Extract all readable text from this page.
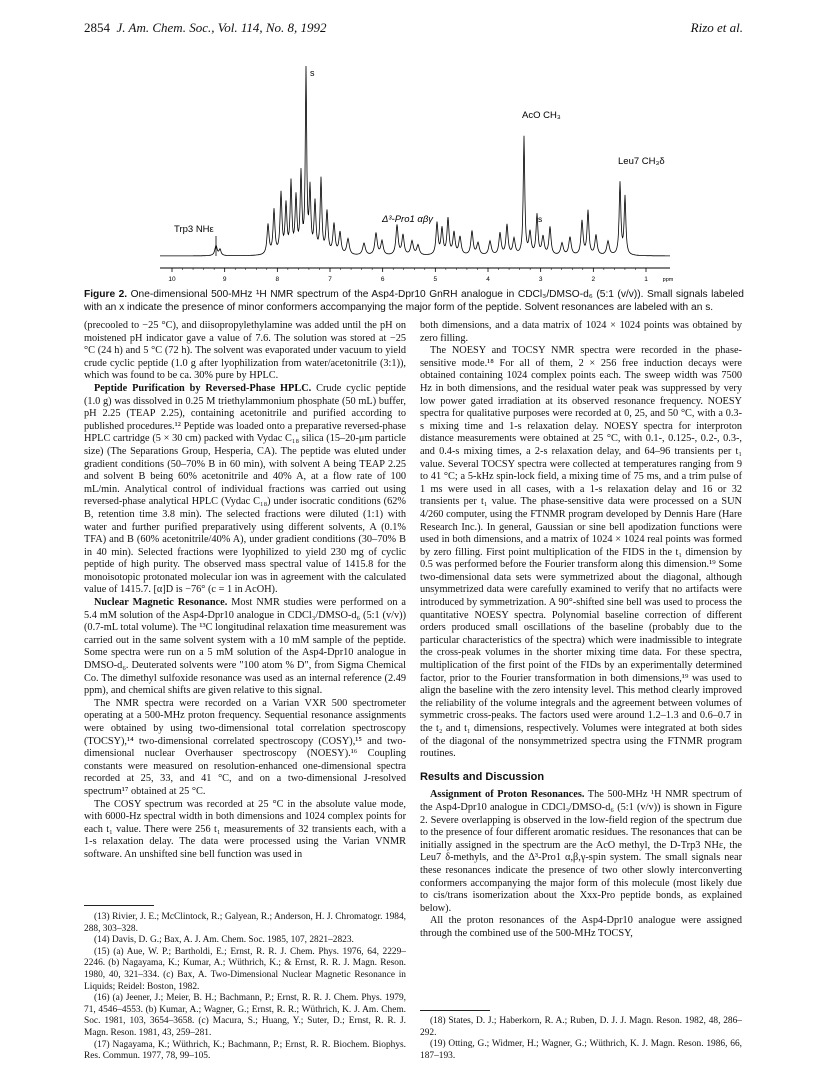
2854 J. Am. Chem. Soc., Vol. 114, No. 8, 1992	Rizo et al.
10	9	8	7	6	5	4	3	2	1	ppm
s
AcO CH₃
Leu7 CH₃δ
Δ³-Pro1 αβγ
Trp3 NHε
s
Figure 2. One-dimensional 500-MHz ¹H NMR spectrum of the Asp4-Dpr10 GnRH analogue in CDCl₃/DMSO-d₆ (5:1 (v/v)). Small signals labeled with an x indicate the presence of minor conformers accompanying the major form of the peptide. Solvent resonances are labeled with an s.

(precooled to −25 °C), and diisopropylethylamine was added until the pH on moistened pH indicator gave a value of 7.6. The solution was stored at −25 °C (24 h) and 5 °C (72 h). The solvent was evaporated under vacuum to yield crude cyclic peptide (1.0 g after lyophilization from water/acetonitrile (3:1)), which was found to be ca. 30% pure by HPLC.

Peptide Purification by Reversed-Phase HPLC. Crude cyclic peptide (1.0 g) was dissolved in 0.25 M triethylammonium phosphate (50 mL) buffer, pH 2.25 (TEAP 2.25), containing acetonitrile and purified according to published procedures.¹² Peptide was loaded onto a preparative reversed-phase HPLC cartridge (5 × 30 cm) packed with Vydac C₁₈ silica (15–20-μm particle size) (The Separations Group, Hesperia, CA). The peptide was eluted under gradient conditions (50–70% B in 60 min), with solvent A being TEAP 2.25 and solvent B being 60% acetonitrile and 40% A, at a flow rate of 100 mL/min. Analytical control of individual fractions was carried out using reversed-phase analytical HPLC (Vydac C₁₈) under isocratic conditions (62% B, retention time 3.8 min). The selected fractions were diluted (1:1) with water and further purified preparatively using different solvents, A (0.1% TFA) and B (60% acetonitrile/40% A), under gradient conditions (30–70% B in 40 min). Selected fractions were lyophilized to yield 230 mg of cyclic peptide of high purity. The observed mass spectral value of 1415.8 for the monoisotopic protonated molecular ion was in agreement with the calculated value of 1415.7. [α]D is −76° (c = 1 in AcOH).

Nuclear Magnetic Resonance. Most NMR studies were performed on a 5.4 mM solution of the Asp4-Dpr10 analogue in CDCl₃/DMSO-d₆ (5:1 (v/v)) (0.7-mL total volume). The ¹³C longitudinal relaxation time measurement was carried out in the same solvent system with a 10 mM sample of the peptide. Some spectra were run on a 5 mM solution of the Asp4-Dpr10 analogue in DMSO-d₆. Deuterated solvents were "100 atom % D", from Sigma Chemical Co. The dimethyl sulfoxide resonance was used as an internal reference (2.49 ppm), and chemical shifts are given relative to this signal.

The NMR spectra were recorded on a Varian VXR 500 spectrometer operating at a 500-MHz proton frequency. Sequential resonance assignments were obtained by using two-dimensional total correlation spectroscopy (TOCSY),¹⁴ two-dimensional correlated spectroscopy (COSY),¹⁵ and two-dimensional nuclear Overhauser spectroscopy (NOESY).¹⁶ Coupling constants were measured on resolution-enhanced one-dimensional spectra recorded at 25, 33, and 41 °C, and on a two-dimensional J-resolved spectrum¹⁷ obtained at 25 °C.

The COSY spectrum was recorded at 25 °C in the absolute value mode, with 6000-Hz spectral width in both dimensions and 1024 complex points for each t₁ value. There were 256 t₁ measurements of 32 transients each, with a 1-s relaxation delay. The data were processed using the Varian VNMR software. An unshifted sine bell function was used in

(13) Rivier, J. E.; McClintock, R.; Galyean, R.; Anderson, H. J. Chromatogr. 1984, 288, 303–328.

(14) Davis, D. G.; Bax, A. J. Am. Chem. Soc. 1985, 107, 2821–2823.

(15) (a) Aue, W. P.; Bartholdi, E.; Ernst, R. R. J. Chem. Phys. 1976, 64, 2229–2246. (b) Nagayama, K.; Kumar, A.; Wüthrich, K.; & Ernst, R. R. J. Magn. Reson. 1980, 40, 321–334. (c) Bax, A. Two-Dimensional Nuclear Magnetic Resonance in Liquids; Reidel: Boston, 1982.

(16) (a) Jeener, J.; Meier, B. H.; Bachmann, P.; Ernst, R. R. J. Chem. Phys. 1979, 71, 4546–4553. (b) Kumar, A.; Wagner, G.; Ernst, R. R.; Wüthrich, K. J. Am. Chem. Soc. 1981, 103, 3654–3658. (c) Macura, S.; Huang, Y.; Suter, D.; Ernst, R. R. J. Magn. Reson. 1981, 43, 259–281.

(17) Nagayama, K.; Wüthrich, K.; Bachmann, P.; Ernst, R. R. Biochem. Biophys. Res. Commun. 1977, 78, 99–105.

both dimensions, and a data matrix of 1024 × 1024 points was obtained by zero filling.

The NOESY and TOCSY NMR spectra were recorded in the phase-sensitive mode.¹⁸ For all of them, 2 × 256 free induction decays were obtained containing 1024 complex points each. The sweep width was 7500 Hz in both dimensions, and the residual water peak was suppressed by very low power gated irradiation at its observed resonance frequency. NOESY spectra for qualitative purposes were recorded at 0, 25, and 50 °C, with a 0.3-s mixing time and 1-s relaxation delay. NOESY spectra for interproton distance measurements were obtained at 25 °C, with 0.1-, 0.125-, 0.2-, 0.3-, and 0.4-s mixing times, a 2-s relaxation delay, and 64–96 transients per t₁ value. Several TOCSY spectra were collected at temperatures ranging from 9 to 41 °C; a 5-kHz spin-lock field, a mixing time of 75 ms, and a trim pulse of 1 ms were used in all cases, with a 1-s relaxation delay and 16 or 32 transients per t₁ value. The phase-sensitive data were processed on a SUN 4/260 computer, using the FTNMR program developed by Dennis Hare (Hare Research Inc.). In general, Gaussian or sine bell apodization functions were used in both dimensions, and a matrix of 1024 × 1024 real points was formed by zero filling. First point multiplication of the FIDS in the t₁ dimension by 0.5 was performed before the Fourier transform along this dimension.¹⁹ Some two-dimensional data sets were symmetrized about the diagonal, although unsymmetrized data were carefully examined to verify that no artifacts were introduced by symmetrization. A 90°-shifted sine bell was used to process the quantitative NOESY spectra. Polynomial baseline correction of different orders produced small oscillations of the baseline (probably due to the particular characteristics of the spectra) which were inadmissible to integrate the cross-peak volumes in the shorter mixing time data. For these spectra, multiplication of the first point of the FIDs by an experimentally determined factor, prior to the Fourier transformation in both dimensions,¹⁹ was used to align the baseline with the zero intensity level. This method clearly improved the reliability of the volume integrals and the agreement between volumes of symmetric cross-peaks. The factors used were around 1.2–1.3 and 0.6–0.7 in the t₂ and t₁ dimensions, respectively. Volumes were integrated at both sides of the diagonal of the nonsymmetrized spectra using the FTNMR program routines.

Results and Discussion

Assignment of Proton Resonances. The 500-MHz ¹H NMR spectrum of the Asp4-Dpr10 analogue in CDCl₃/DMSO-d₆ (5:1 (v/v)) is shown in Figure 2. Severe overlapping is observed in the low-field region of the spectrum due to the presence of four different aromatic residues. The resonances that can be initially assigned in the spectrum are the AcO methyl, the D-Trp3 NHε, the Leu7 δ-methyls, and the Δ³-Pro1 α,β,γ-spin system. The small signals near these resonances indicate the presence of two other slowly interconverting conformers accompanying the major form of this molecule (most likely due to cis/trans isomerization about the Xxx-Pro peptide bonds, as explained below).

All the proton resonances of the Asp4-Dpr10 analogue were assigned through the combined use of the 500-MHz TOCSY,

(18) States, D. J.; Haberkorn, R. A.; Ruben, D. J. J. Magn. Reson. 1982, 48, 286–292.

(19) Otting, G.; Widmer, H.; Wagner, G.; Wüthrich, K. J. Magn. Reson. 1986, 66, 187–193.
